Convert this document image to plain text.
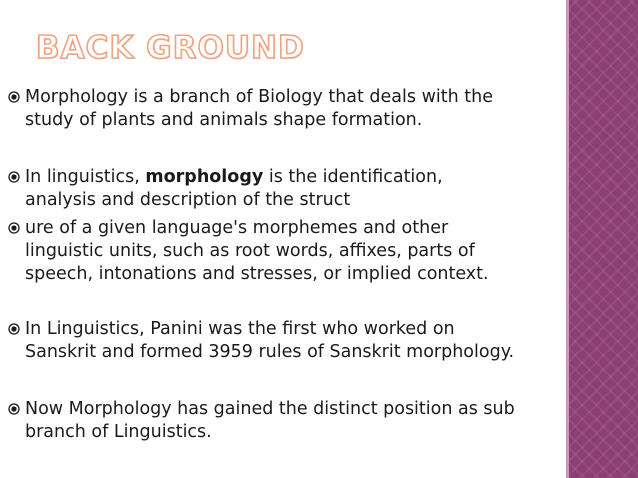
BACK GROUND
Morphology is a branch of Biology that deals with the
study of plants and animals shape formation.
In linguistics, morphology is the identification,
analysis and description of the struct
ure of a given language's morphemes and other
linguistic units, such as root words, affixes, parts of
speech, intonations and stresses, or implied context.
In Linguistics, Panini was the first who worked on
Sanskrit and formed 3959 rules of Sanskrit morphology.
Now Morphology has gained the distinct position as sub
branch of Linguistics.
